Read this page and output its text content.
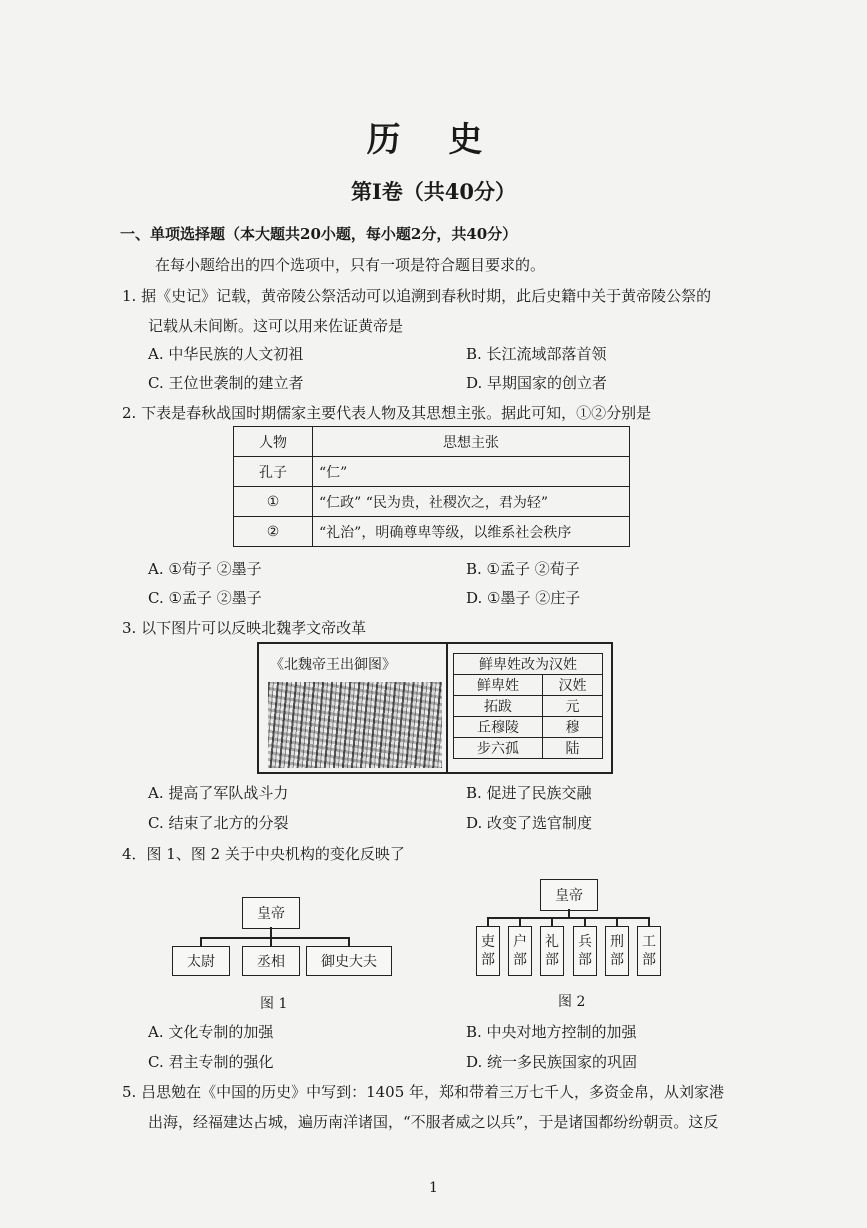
历 史
第Ⅰ卷（共40分）
一、单项选择题（本大题共20小题，每小题2分，共40分）
在每小题给出的四个选项中，只有一项是符合题目要求的。
1. 据《史记》记载，黄帝陵公祭活动可以追溯到春秋时期，此后史籍中关于黄帝陵公祭的
记载从未间断。这可以用来佐证黄帝是
A. 中华民族的人文初祖	B. 长江流域部落首领
C. 王位世袭制的建立者	D. 早期国家的创立者
2. 下表是春秋战国时期儒家主要代表人物及其思想主张。据此可知，①②分别是
人物	思想主张
孔子	“仁”
①	“仁政” “民为贵，社稷次之，君为轻”
②	“礼治”，明确尊卑等级，以维系社会秩序
A. ①荀子 ②墨子	B. ①孟子 ②荀子
C. ①孟子 ②墨子	D. ①墨子 ②庄子
3. 以下图片可以反映北魏孝文帝改革
《北魏帝王出御图》	鲜卑姓改为汉姓	
鲜卑姓	汉姓
拓跋	元
丘穆陵	穆
步六孤	陆
A. 提高了军队战斗力	B. 促进了民族交融
C. 结束了北方的分裂	D. 改变了选官制度
4．图 1、图 2 关于中央机构的变化反映了
皇帝
太尉	丞相	御史大夫
图 1
皇帝
吏部
户部
礼部
兵部
刑部
工部
图 2
A. 文化专制的加强	B. 中央对地方控制的加强
C. 君主专制的强化	D. 统一多民族国家的巩固
5. 吕思勉在《中国的历史》中写到：1405 年，郑和带着三万七千人，多资金帛，从刘家港
出海，经福建达占城，遍历南洋诸国，“不服者威之以兵”，于是诸国都纷纷朝贡。这反
1
